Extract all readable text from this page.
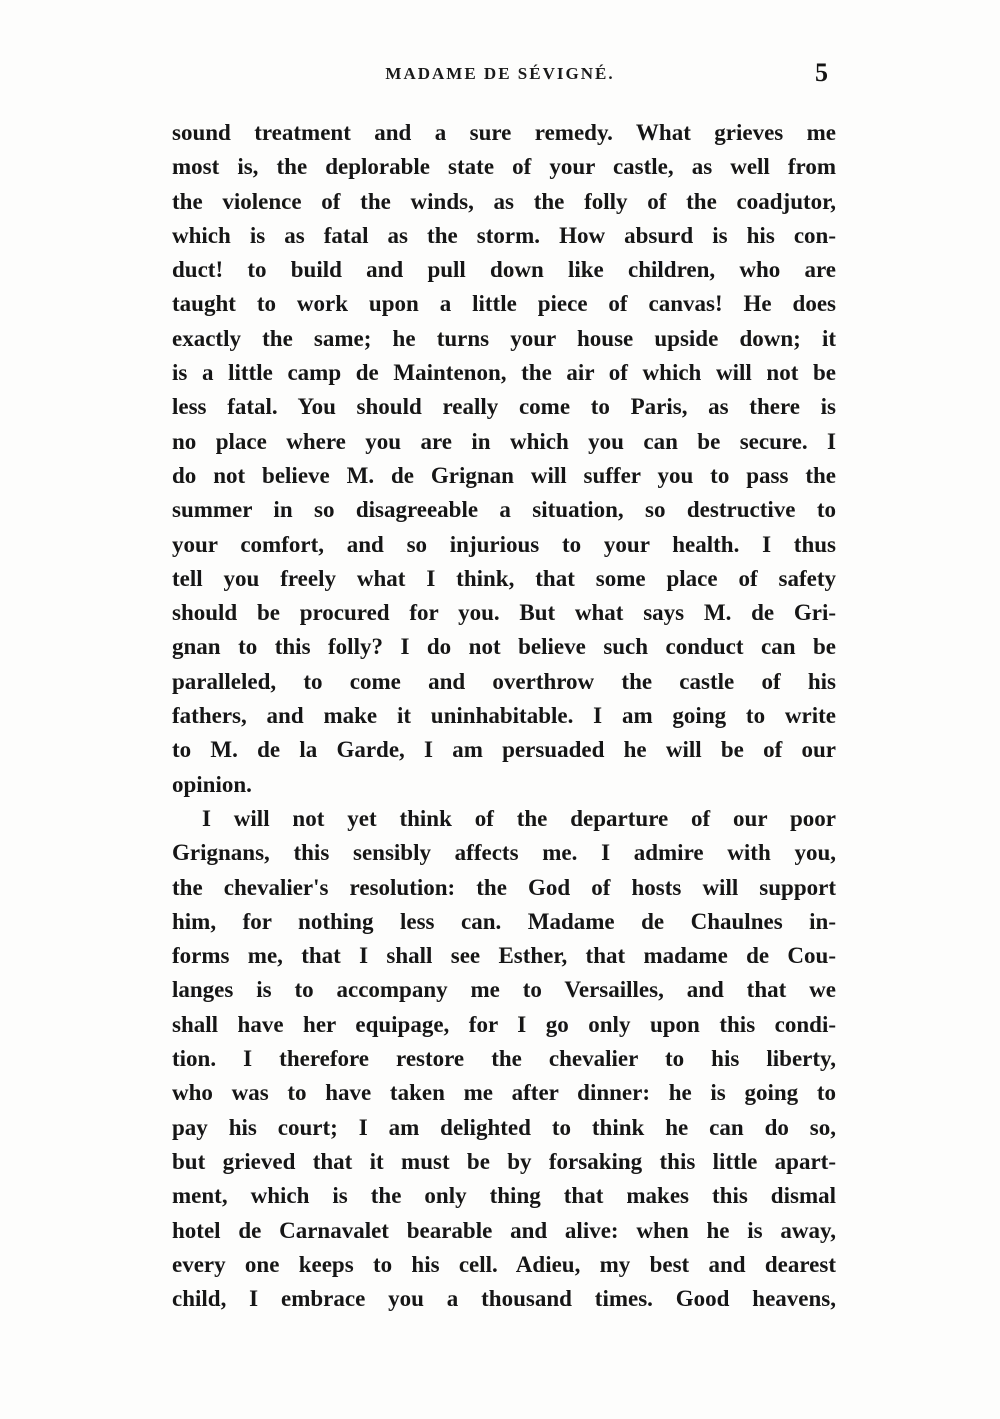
MADAME DE SÉVIGNÉ.	5
sound treatment and a sure remedy. What grieves me
most is, the deplorable state of your castle, as well from
the violence of the winds, as the folly of the coadjutor,
which is as fatal as the storm. How absurd is his con-
duct! to build and pull down like children, who are
taught to work upon a little piece of canvas! He does
exactly the same; he turns your house upside down; it
is a little camp de Maintenon, the air of which will not be
less fatal. You should really come to Paris, as there is
no place where you are in which you can be secure. I
do not believe M. de Grignan will suffer you to pass the
summer in so disagreeable a situation, so destructive to
your comfort, and so injurious to your health. I thus
tell you freely what I think, that some place of safety
should be procured for you. But what says M. de Gri-
gnan to this folly? I do not believe such conduct can be
paralleled, to come and overthrow the castle of his
fathers, and make it uninhabitable. I am going to write
to M. de la Garde, I am persuaded he will be of our
opinion.
I will not yet think of the departure of our poor
Grignans, this sensibly affects me. I admire with you,
the chevalier's resolution: the God of hosts will support
him, for nothing less can. Madame de Chaulnes in-
forms me, that I shall see Esther, that madame de Cou-
langes is to accompany me to Versailles, and that we
shall have her equipage, for I go only upon this condi-
tion. I therefore restore the chevalier to his liberty,
who was to have taken me after dinner: he is going to
pay his court; I am delighted to think he can do so,
but grieved that it must be by forsaking this little apart-
ment, which is the only thing that makes this dismal
hotel de Carnavalet bearable and alive: when he is away,
every one keeps to his cell. Adieu, my best and dearest
child, I embrace you a thousand times. Good heavens,
